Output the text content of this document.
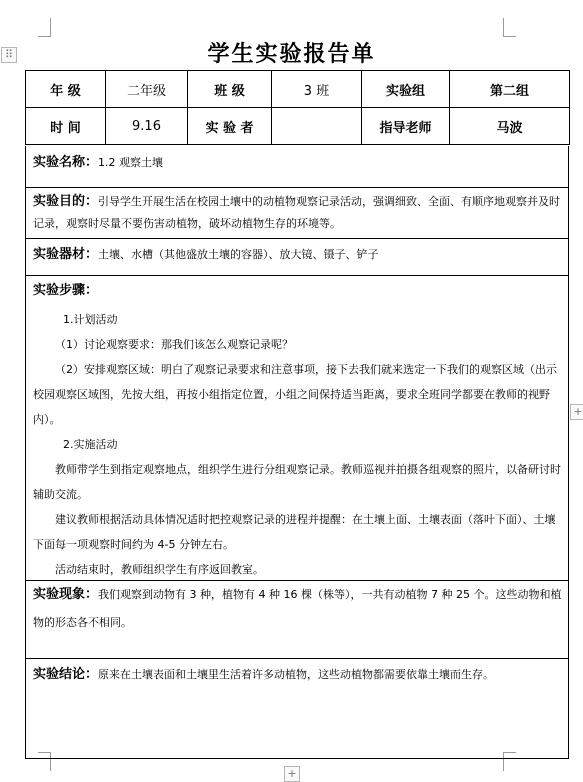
⠿
+
+
学生实验报告单
年 级	二年级	班 级	3 班	实验组	第二组
时 间	9.16	实 验 者		指导老师	马波

实验名称：1.2 观察土壤

实验目的：引导学生开展生活在校园土壤中的动植物观察记录活动，强调细致、全面、有顺序地观察并及时记录，观察时尽量不要伤害动植物，破坏动植物生存的环境等。

实验器材：土壤、水槽（其他盛放土壤的容器）、放大镜、镊子、铲子

实验步骤：

1.计划活动

（1）讨论观察要求：那我们该怎么观察记录呢？

（2）安排观察区域：明白了观察记录要求和注意事项，接下去我们就来选定一下我们的观察区域（出示校园观察区域图，先按大组，再按小组指定位置，小组之间保持适当距离，要求全班同学都要在教师的视野内）。

2.实施活动

教师带学生到指定观察地点，组织学生进行分组观察记录。教师巡视并拍摄各组观察的照片，以备研讨时辅助交流。

建议教师根据活动具体情况适时把控观察记录的进程并提醒：在土壤上面、土壤表面（落叶下面）、土壤下面每一项观察时间约为 4-5 分钟左右。

活动结束时，教师组织学生有序返回教室。

实验现象：我们观察到动物有 3 种，植物有 4 种 16 棵（株等），一共有动植物 7 种 25 个。这些动物和植物的形态各不相同。

实验结论：原来在土壤表面和土壤里生活着许多动植物，这些动植物都需要依靠土壤而生存。
